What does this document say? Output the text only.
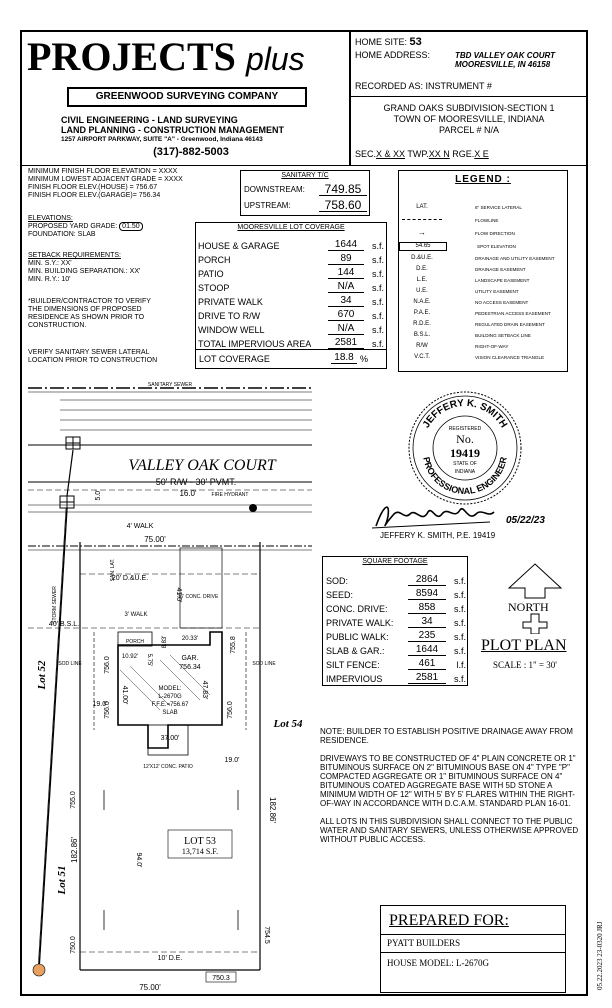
PROJECTS plus
GREENWOOD SURVEYING COMPANY
CIVIL ENGINEERING - LAND SURVEYING
LAND PLANNING - CONSTRUCTION MANAGEMENT
1257 AIRPORT PARKWAY, SUITE "A" - Greenwood, Indiana 46143
(317)-882-5003
HOME SITE: 53
HOME ADDRESS:	TBD VALLEY OAK COURT
MOORESVILLE, IN 46158
RECORDED AS: INSTRUMENT #
GRAND OAKS SUBDIVISION-SECTION 1
TOWN OF MOORESVILLE, INDIANA
PARCEL # N/A
SEC.X & XX TWP.XX N RGE.X E
MINIMUM FINISH FLOOR ELEVATION = XXXX
MINIMUM LOWEST ADJACENT GRADE = XXXX
FINISH FLOOR ELEV.(HOUSE) = 756.67
FINISH FLOOR ELEV.(GARAGE)= 756.34
ELEVATIONS:
PROPOSED YARD GRADE: 01.50
FOUNDATION: SLAB
SETBACK REQUIREMENTS:
MIN. S.Y.: XX'
MIN. BUILDING SEPARATION.: XX'
MIN. R.Y.: 10'
*BUILDER/CONTRACTOR TO VERIFY
THE DIMENSIONS OF PROPOSED
RESIDENCE AS SHOWN PRIOR TO
CONSTRUCTION.
VERIFY SANITARY SEWER LATERAL
LOCATION PRIOR TO CONSTRUCTION
SANITARY T/C
DOWNSTREAM:	749.85
UPSTREAM:	758.60
MOORESVILLE LOT COVERAGE
HOUSE & GARAGE	1644	s.f.
PORCH	89	s.f.
PATIO	144	s.f.
STOOP	N/A	s.f.
PRIVATE WALK	34	s.f.
DRIVE TO R/W	670	s.f.
WINDOW WELL	N/A	s.f.
TOTAL IMPERVIOUS AREA	2581	s.f.
LOT COVERAGE	18.8 %
LEGEND :
LAT.	6" SERVICE LATERAL
FLOWLINE
→	FLOW DIRECTION
54.65	SPOT ELEVATION
D.&U.E.	DRAINAGE AND UTILITY EASEMENT
D.E.	DRAINAGE EASEMENT
L.E.	LANDSCAPE EASEMENT
U.E.	UTILITY EASEMENT
N.A.E.	NO ACCESS EASEMENT
P.A.E.	PEDESTRIAN ACCESS EASEMENT
R.D.E.	REGULATED DRAIN EASEMENT
B.S.L.	BUILDING SETBACK LINE
R/W	RIGHT-OF-WAY
V.C.T.	VISION CLEARANCE TRIANGLE
JEFFERY K. SMITH
PROFESSIONAL ENGINEER
REGISTERED
No.
19419
STATE OF
INDIANA
05/22/23
JEFFERY K. SMITH, P.E. 19419
SQUARE FOOTAGE
SOD:	2864	s.f.
SEED:	8594	s.f.
CONC. DRIVE:	858	s.f.
PRIVATE WALK:	34	s.f.
PUBLIC WALK:	235	s.f.
SLAB & GAR.:	1644	s.f.
SILT FENCE:	461	l.f.
IMPERVIOUS	2581	s.f.
NORTH
PLOT PLAN
SCALE : 1" = 30'
NOTE: BUILDER TO ESTABLISH POSITIVE DRAINAGE AWAY FROM RESIDENCE.
DRIVEWAYS TO BE CONSTRUCTED OF 4" PLAIN CONCRETE OR 1" BITUMINOUS SURFACE ON 2" BITUMINOUS BASE ON 4" TYPE "P" COMPACTED AGGREGATE OR 1" BITUMINOUS SURFACE ON 4" BITUMINOUS COATED AGGREGATE BASE WITH 5D STONE A MINIMUM WIDTH OF 12" WITH 5' BY 5' FLARES WITHIN THE RIGHT-OF-WAY IN ACCORDANCE WITH D.C.A.M. STANDARD PLAN 16-01.
ALL LOTS IN THIS SUBDIVISION SHALL CONNECT TO THE PUBLIC WATER AND SANITARY SEWERS, UNLESS OTHERWISE APPROVED WITHOUT PUBLIC ACCESS.
PREPARED FOR:
PYATT BUILDERS
HOUSE MODEL: L-2670G	05.22.2023 23-0320 JRJ
SANITARY SEWER
VALLEY OAK COURT
50' R/W - 30' PVMT.
16.0'	FIRE HYDRANT
5.0'
4' WALK
75.00'
SAN. LAT.
20' D.&U.E.
STORM SEWER	41.0'
16' CONC. DRIVE
3' WALK
40' B.S.L.
PORCH
10.92' 5.75'
8.83' 20.33'
GAR.
756.34
755.8
756.0
756.0	756.0
SOD LINE	SOD LINE
19.0'
41.00'	MODEL:
L-2670G
F.F.E.=756.67
SLAB
47.83'
37.00'
12'X12' CONC. PATIO
19.0'
Lot 52
Lot 54
Lot 51
LOT 53
13,714 S.F.
182.86'
182.86'
94.0'
755.0
750.0
754.5
10' D.E.
750.3
75.00'
